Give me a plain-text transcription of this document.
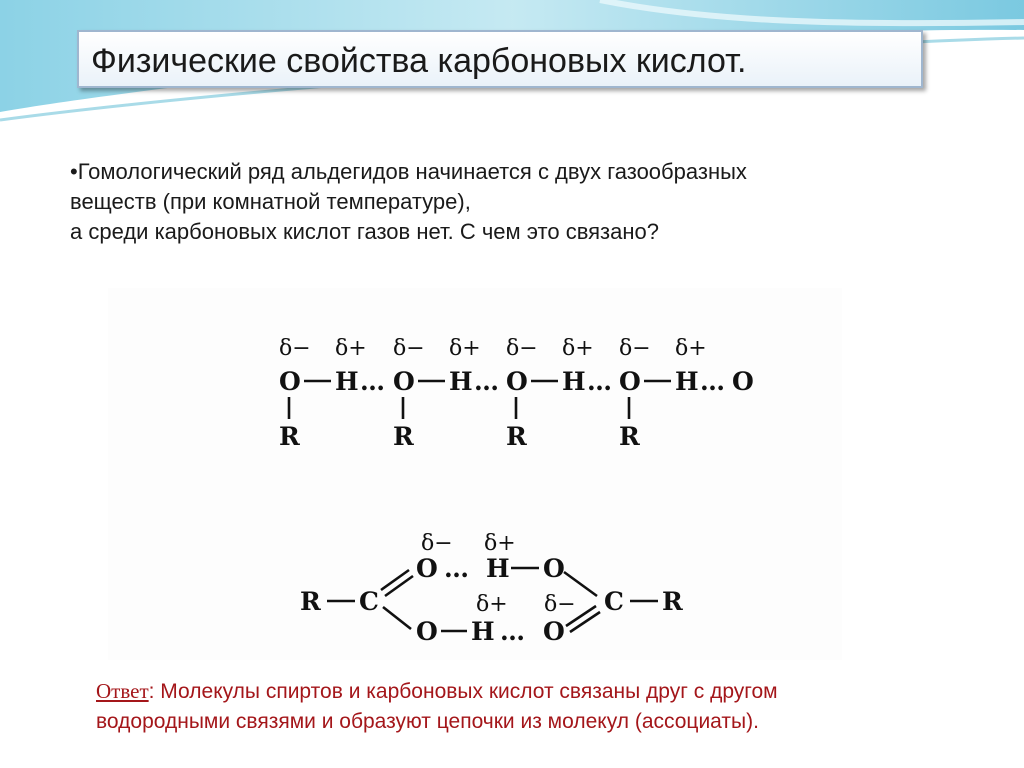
Физические свойства карбоновых кислот.
•Гомологический ряд альдегидов начинается с двух газообразных
веществ (при комнатной температуре),
а среди карбоновых кислот газов нет. С чем это связано?
δ− δ+ δ− δ+ δ− δ+ δ− δ+
O H O H O H O H O
…	…	…	…
R	R	R	R
δ− δ+
δ+ δ−
R C
O H O
O H O
C R
…
…
Ответ: Молекулы спиртов и карбоновых кислот связаны друг с другом
водородными связями и образуют цепочки из молекул (ассоциаты).
